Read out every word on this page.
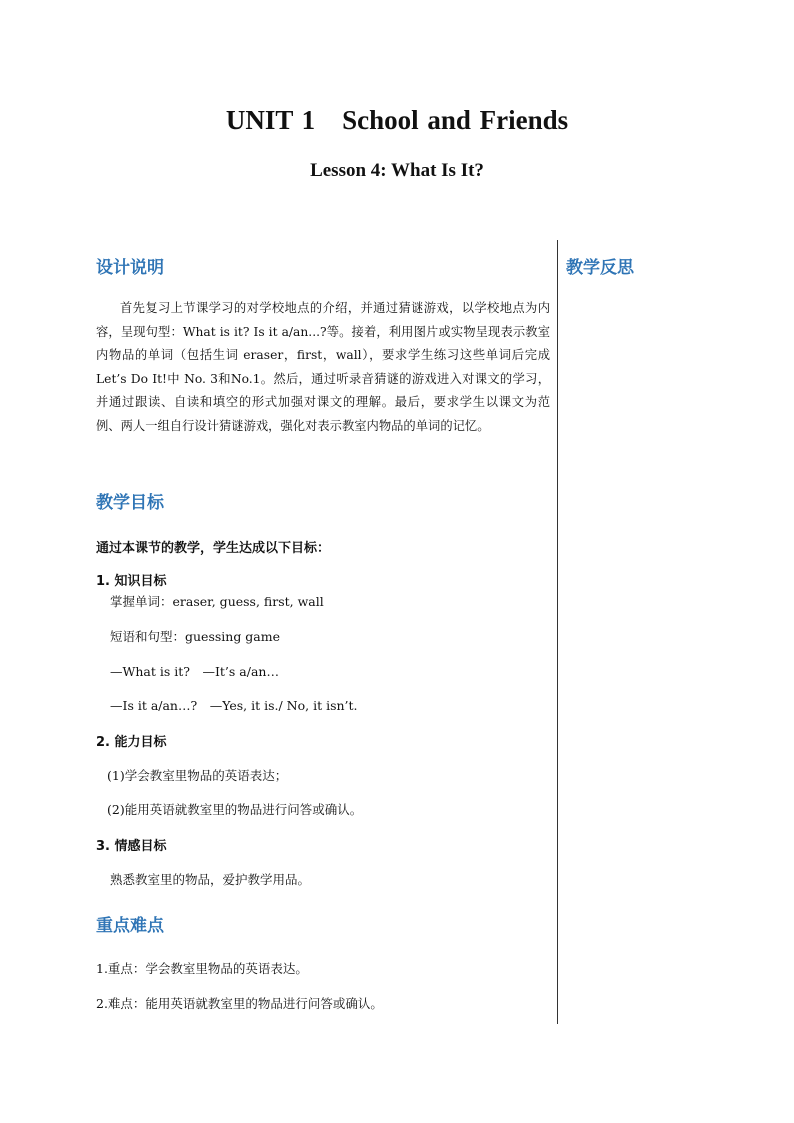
UNIT 1　School and Friends
Lesson 4: What Is It?
设计说明	教学反思
首先复习上节课学习的对学校地点的介绍，并通过猜谜游戏，以学校地点为内容，呈现句型：What is it? Is it a/an...?等。接着，利用图片或实物呈现表示教室内物品的单词（包括生词 eraser，first，wall），要求学生练习这些单词后完成Let’s Do It!中 No. 3和No.1。然后，通过听录音猜谜的游戏进入对课文的学习，并通过跟读、自读和填空的形式加强对课文的理解。最后，要求学生以课文为范例、两人一组自行设计猜谜游戏，强化对表示教室内物品的单词的记忆。
教学目标
通过本课节的教学，学生达成以下目标：
1. 知识目标
掌握单词：eraser, guess, first, wall
短语和句型：guessing game
—What is it?　—It’s a/an…
—Is it a/an…?　—Yes, it is./ No, it isn’t.
2. 能力目标
(1)学会教室里物品的英语表达；
(2)能用英语就教室里的物品进行问答或确认。
3. 情感目标
熟悉教室里的物品，爱护教学用品。
重点难点
1.重点：学会教室里物品的英语表达。
2.难点：能用英语就教室里的物品进行问答或确认。
